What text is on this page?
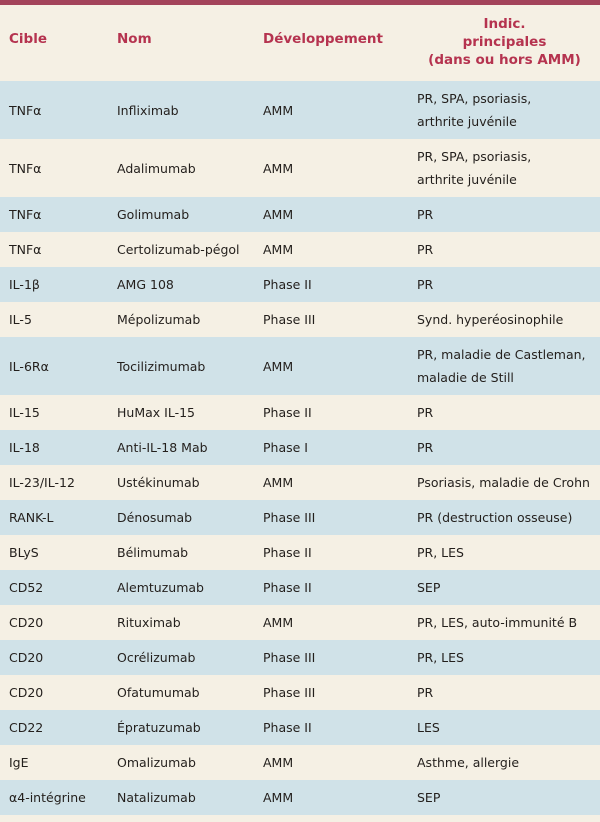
Cible	Nom	Développement	Indic.
principales
(dans ou hors AMM)

TNFα	Infliximab	AMM	PR, SPA, psoriasis,
arthrite juvénile

TNFα	Adalimumab	AMM	PR, SPA, psoriasis,
arthrite juvénile

TNFα	Golimumab	AMM	PR

TNFα	Certolizumab-pégol	AMM	PR

IL-1β	AMG 108	Phase II	PR

IL-5	Mépolizumab	Phase III	Synd. hyperéosinophile

IL-6Rα	Tocilizimumab	AMM	PR, maladie de Castleman,
maladie de Still

IL-15	HuMax IL-15	Phase II	PR

IL-18	Anti-IL-18 Mab	Phase I	PR

IL-23/IL-12	Ustékinumab	AMM	Psoriasis, maladie de Crohn

RANK-L	Dénosumab	Phase III	PR (destruction osseuse)

BLyS	Bélimumab	Phase II	PR, LES

CD52	Alemtuzumab	Phase II	SEP

CD20	Rituximab	AMM	PR, LES, auto-immunité B

CD20	Ocrélizumab	Phase III	PR, LES

CD20	Ofatumumab	Phase III	PR

CD22	Épratuzumab	Phase II	LES

IgE	Omalizumab	AMM	Asthme, allergie

α4-intégrine	Natalizumab	AMM	SEP
